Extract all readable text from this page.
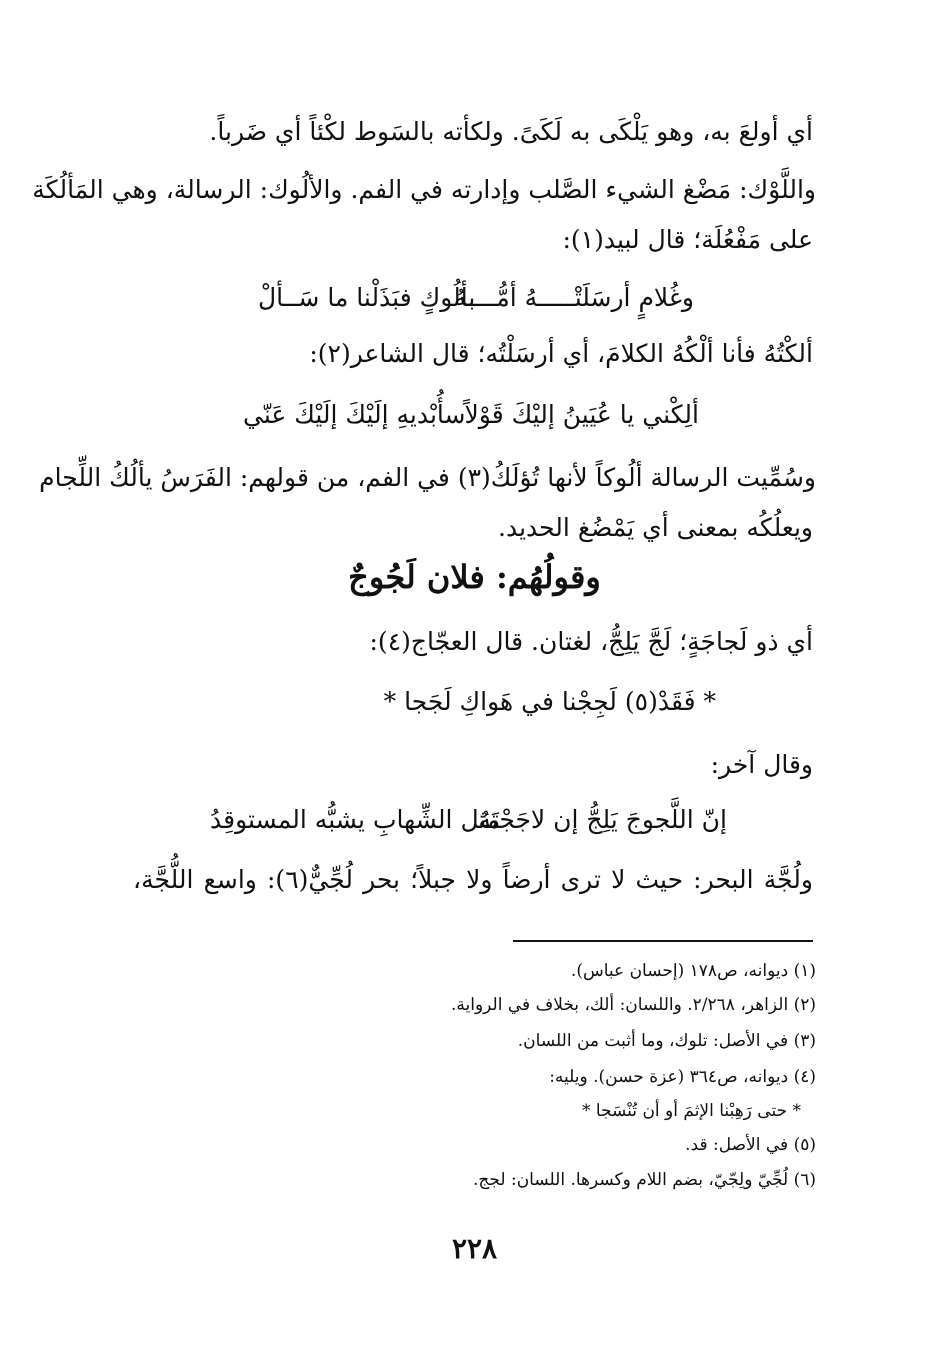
أي أولعَ به، وهو يَلْكَى به لَكَىً. ولكأته بالسَوط لكْئاً أي ضَرباً.
واللَّوْك: مَضْغ الشيء الصَّلب وإدارته في الفم. والألُوك: الرسالة، وهي المَألُكَة
على مَفْعُلَة؛ قال لبيد(١):
وغُلامٍ أرسَلَتْـــــهُ أمُّــــهُ
بألُوكٍ فبَذَلْنا ما سَــألْ
ألكْتُهُ فأنا ألْكُهُ الكلامَ، أي أرسَلْتُه؛ قال الشاعر(٢):
ألِكْني يا عُيَينُ إليْكَ قَوْلاً
سأُبْديهِ إلَيْكَ إلَيْكَ عَنّي
وسُمِّيت الرسالة ألُوكاً لأنها تُؤلَكُ(٣) في الفم، من قولهم: الفَرَسُ يألُكُ اللِّجام
ويعلُكُه بمعنى أي يَمْضُغ الحديد.
وقولُهُم: فلان لَجُوجٌ
أي ذو لَجاجَةٍ؛ لَجَّ يَلِجُّ، لغتان. قال العجّاج(٤):
* فَقَدْ(٥) لَجِجْنا في هَواكِ لَجَجا *
وقال آخر:
إنّ اللَّجوجَ يَلِجُّ إن لاجَجْتَهُ
مثل الشِّهابِ يشبُّه المستوقِدُ
ولُجَّة البحر: حيث لا ترى أرضاً ولا جبلاً؛ بحر لُجِّيٌّ(٦): واسع اللُّجَّة،
(١) ديوانه، ص١٧٨ (إحسان عباس).
(٢) الزاهر، ٢/٢٦٨. واللسان: ألك، بخلاف في الرواية.
(٣) في الأصل: تلوك، وما أثبت من اللسان.
(٤) ديوانه، ص٣٦٤ (عزة حسن). ويليه:
* حتى رَهِبْنا الإثمَ أو أن تُنْسَجا *
(٥) في الأصل: قد.
(٦) لُجِّيّ ولِجّيّ، بضم اللام وكسرها. اللسان: لجج.
٢٢٨
